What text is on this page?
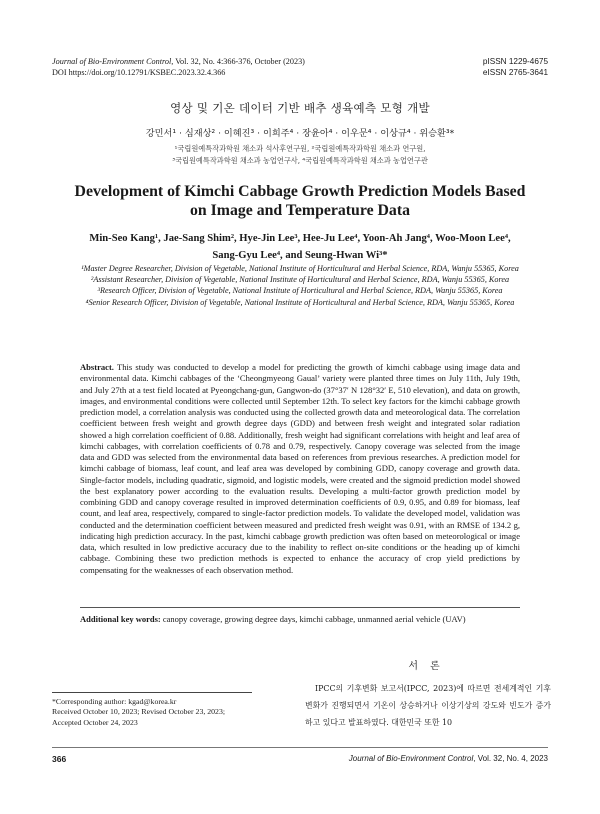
Journal of Bio-Environment Control, Vol. 32, No. 4:366-376, October (2023)
DOI https://doi.org/10.12791/KSBEC.2023.32.4.366
pISSN 1229-4675
eISSN 2765-3641
영상 및 기온 데이터 기반 배추 생육예측 모형 개발
강민서¹ · 심재상² · 이혜진³ · 이희주⁴ · 장윤아⁴ · 이우문⁴ · 이상규⁴ · 위승환³*
¹국립원예특작과학원 채소과 석사후연구원, ²국립원예특작과학원 채소과 연구원,
³국립원예특작과학원 채소과 농업연구사, ⁴국립원예특작과학원 채소과 농업연구관
Development of Kimchi Cabbage Growth Prediction Models Based
on Image and Temperature Data
Min-Seo Kang¹, Jae-Sang Shim², Hye-Jin Lee³, Hee-Ju Lee⁴, Yoon-Ah Jang⁴, Woo-Moon Lee⁴,
Sang-Gyu Lee⁴, and Seung-Hwan Wi³*
¹Master Degree Researcher, Division of Vegetable, National Institute of Horticultural and Herbal Science, RDA, Wanju 55365, Korea
²Assistant Researcher, Division of Vegetable, National Institute of Horticultural and Herbal Science, RDA, Wanju 55365, Korea
³Research Officer, Division of Vegetable, National Institute of Horticultural and Herbal Science, RDA, Wanju 55365, Korea
⁴Senior Research Officer, Division of Vegetable, National Institute of Horticultural and Herbal Science, RDA, Wanju 55365, Korea
Abstract. This study was conducted to develop a model for predicting the growth of kimchi cabbage using image data and environmental data. Kimchi cabbages of the ‘Cheongmyeong Gaual’ variety were planted three times on July 11th, July 19th, and July 27th at a test field located at Pyeongchang-gun, Gangwon-do (37°37′ N 128°32′ E, 510 elevation), and data on growth, images, and environmental conditions were collected until September 12th. To select key factors for the kimchi cabbage growth prediction model, a correlation analysis was conducted using the collected growth data and meteorological data. The correlation coefficient between fresh weight and growth degree days (GDD) and between fresh weight and integrated solar radiation showed a high correlation coefficient of 0.88. Additionally, fresh weight had significant correlations with height and leaf area of kimchi cabbages, with correlation coefficients of 0.78 and 0.79, respectively. Canopy coverage was selected from the image data and GDD was selected from the environmental data based on references from previous researches. A prediction model for kimchi cabbage of biomass, leaf count, and leaf area was developed by combining GDD, canopy coverage and growth data. Single-factor models, including quadratic, sigmoid, and logistic models, were created and the sigmoid prediction model showed the best explanatory power according to the evaluation results. Developing a multi-factor growth prediction model by combining GDD and canopy coverage resulted in improved determination coefficients of 0.9, 0.95, and 0.89 for biomass, leaf count, and leaf area, respectively, compared to single-factor prediction models. To validate the developed model, validation was conducted and the determination coefficient between measured and predicted fresh weight was 0.91, with an RMSE of 134.2 g, indicating high prediction accuracy. In the past, kimchi cabbage growth prediction was often based on meteorological or image data, which resulted in low predictive accuracy due to the inability to reflect on-site conditions or the heading up of kimchi cabbage. Combining these two prediction methods is expected to enhance the accuracy of crop yield predictions by compensating for the weaknesses of each observation method.
Additional key words: canopy coverage, growing degree days, kimchi cabbage, unmanned aerial vehicle (UAV)
서론
IPCC의 기후변화 보고서(IPCC, 2023)에 따르면 전세계적인 기후변화가 진행되면서 기온이 상승하거나 이상기상의 강도와 빈도가 증가하고 있다고 발표하였다. 대한민국 또한 10
*Corresponding author: kgad@korea.kr
Received October 10, 2023; Revised October 23, 2023;
Accepted October 24, 2023
366	Journal of Bio-Environment Control, Vol. 32, No. 4, 2023
